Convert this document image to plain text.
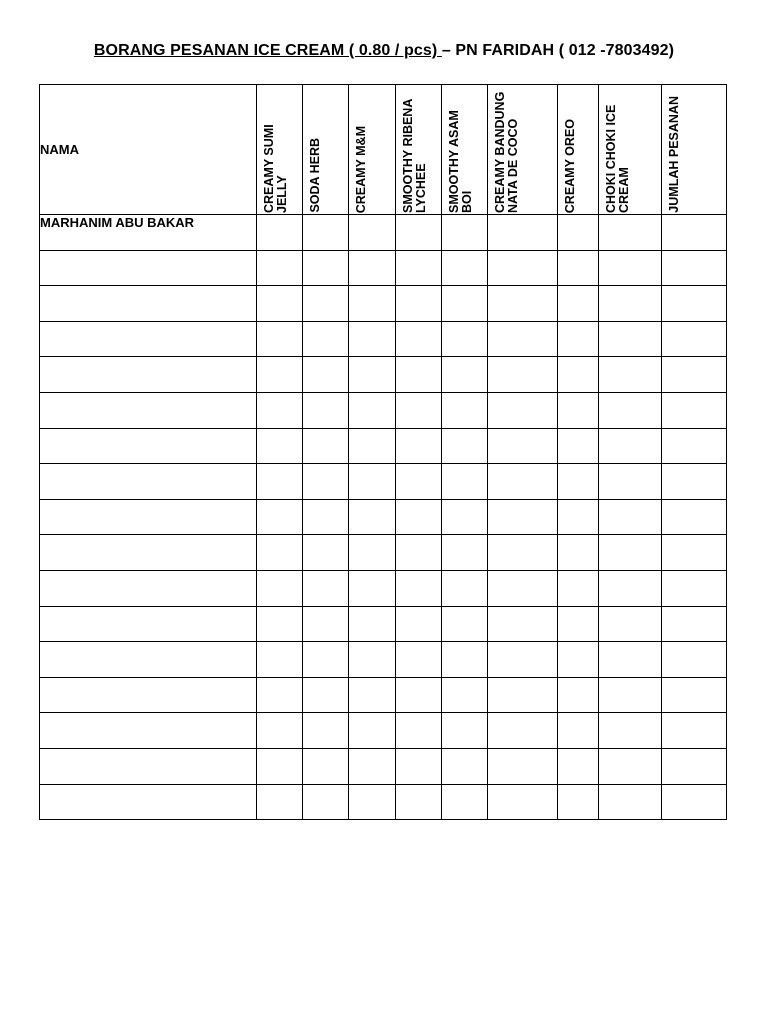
BORANG PESANAN ICE CREAM ( 0.80 / pcs) – PN FARIDAH ( 012 -7803492)
NAMA	CREAMY SUMI JELLY	SODA HERB	CREAMY M&M	SMOOTHY RIBENA LYCHEE	SMOOTHY ASAM BOI	CREAMY BANDUNG NATA DE COCO	CREAMY OREO	CHOKI CHOKI ICE CREAM	JUMLAH PESANAN

MARHANIM ABU BAKAR									
